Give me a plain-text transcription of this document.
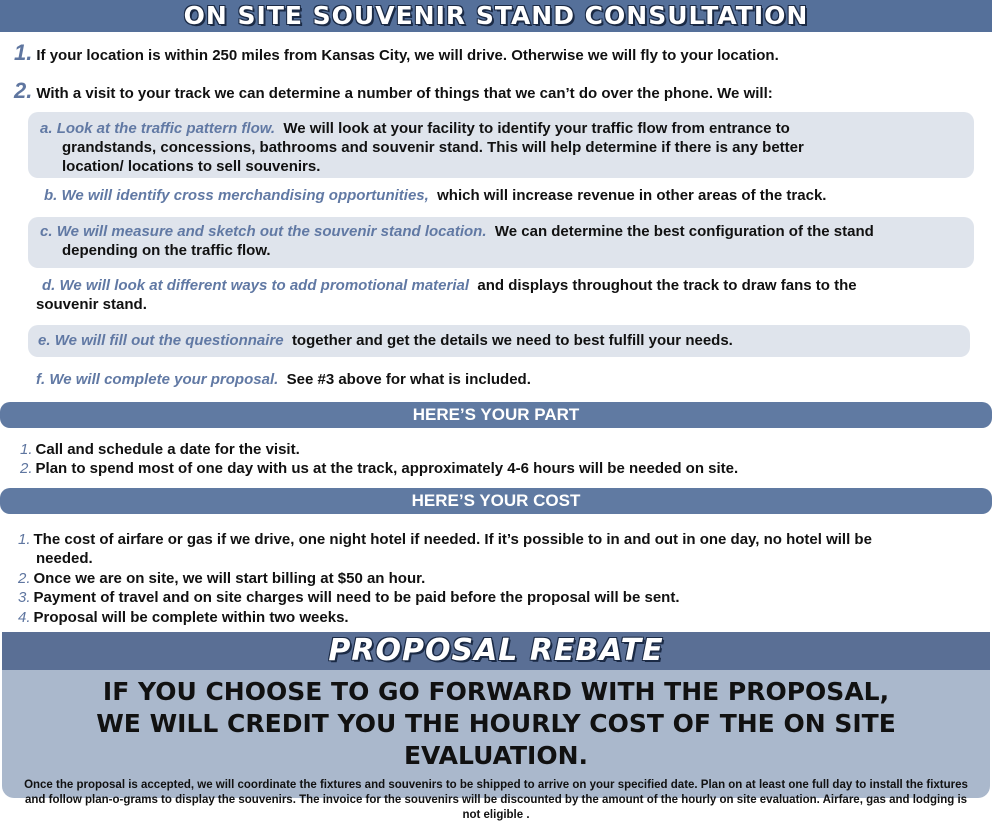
ON SITE SOUVENIR STAND CONSULTATION
1. If your location is within 250 miles from Kansas City, we will drive. Otherwise we will fly to your location.
2. With a visit to your track we can determine a number of things that we can’t do over the phone. We will:
a. Look at the traffic pattern flow. We will look at your facility to identify your traffic flow from entrance to
grandstands, concessions, bathrooms and souvenir stand. This will help determine if there is any better
location/ locations to sell souvenirs.
b. We will identify cross merchandising opportunities, which will increase revenue in other areas of the track.
c. We will measure and sketch out the souvenir stand location. We can determine the best configuration of the stand
depending on the traffic flow.
d. We will look at different ways to add promotional material and displays throughout the track to draw fans to the
souvenir stand.
e. We will fill out the questionnaire together and get the details we need to best fulfill your needs.
f. We will complete your proposal. See #3 above for what is included.
HERE’S YOUR PART
1. Call and schedule a date for the visit.
2. Plan to spend most of one day with us at the track, approximately 4-6 hours will be needed on site.
HERE’S YOUR COST
1. The cost of airfare or gas if we drive, one night hotel if needed. If it’s possible to in and out in one day, no hotel will be
needed.
2. Once we are on site, we will start billing at $50 an hour.
3. Payment of travel and on site charges will need to be paid before the proposal will be sent.
4. Proposal will be complete within two weeks.
PROPOSAL REBATE
IF YOU CHOOSE TO GO FORWARD WITH THE PROPOSAL,
WE WILL CREDIT YOU THE HOURLY COST OF THE ON SITE EVALUATION.
Once the proposal is accepted, we will coordinate the fixtures and souvenirs to be shipped to arrive on your specified date. Plan on at least one full day to install the fixtures and follow plan-o-grams to display the souvenirs. The invoice for the souvenirs will be discounted by the amount of the hourly on site evaluation. Airfare, gas and lodging is not eligible .
